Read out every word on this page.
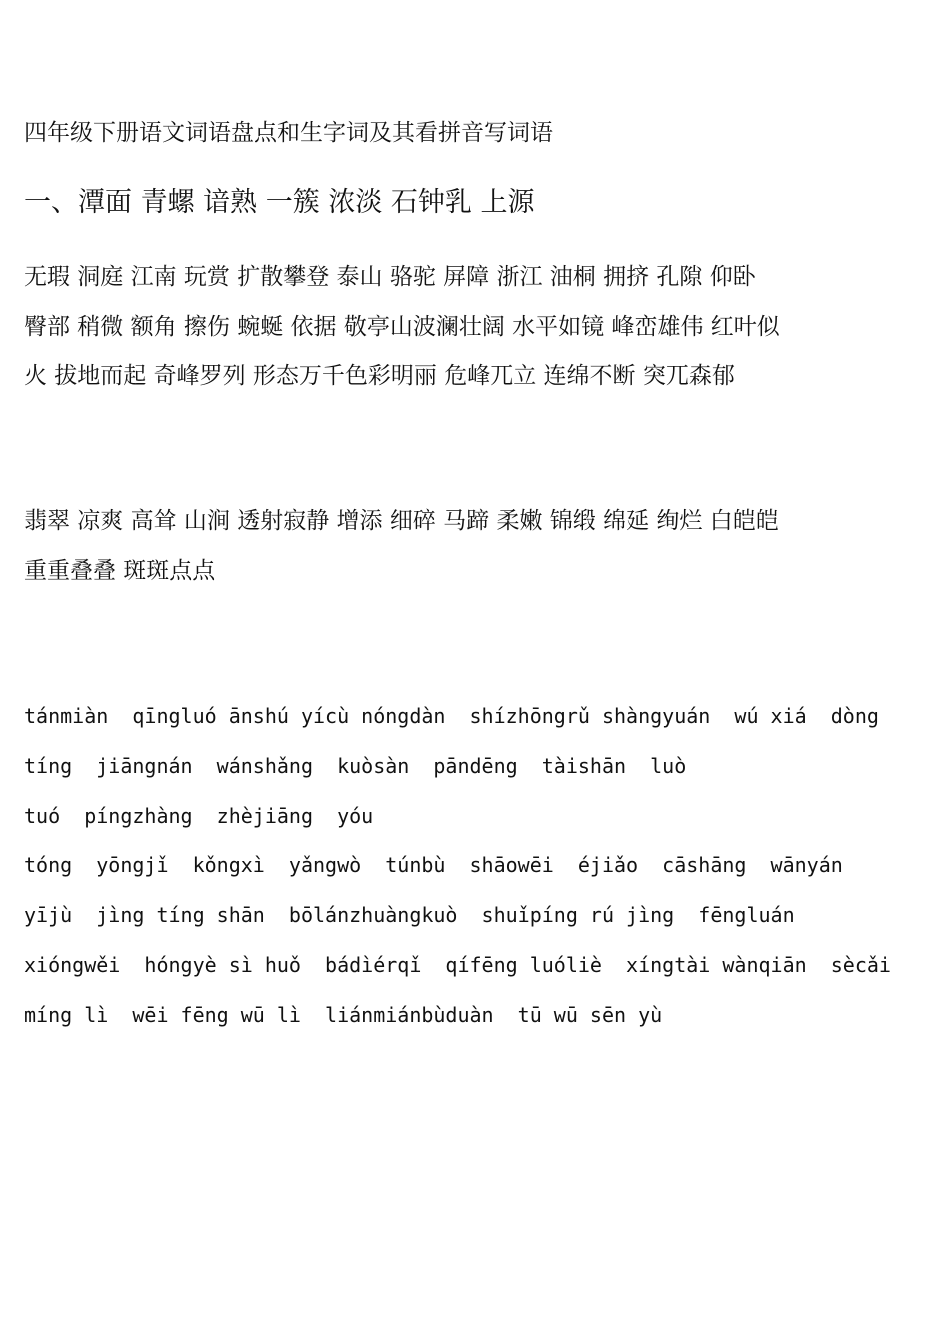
四年级下册语文词语盘点和生字词及其看拼音写词语
一、潭面 青螺 谙熟 一簇 浓淡 石钟乳 上源
无瑕 洞庭 江南 玩赏 扩散攀登 泰山 骆驼 屏障 浙江 油桐 拥挤 孔隙 仰卧
臀部 稍微 额角 擦伤 蜿蜒 依据 敬亭山波澜壮阔 水平如镜 峰峦雄伟 红叶似
火 拔地而起 奇峰罗列 形态万千色彩明丽 危峰兀立 连绵不断 突兀森郁
翡翠 凉爽 高耸 山涧 透射寂静 增添 细碎 马蹄 柔嫩 锦缎 绵延 绚烂 白皑皑
重重叠叠 斑斑点点
tánmiàn  qīngluó ānshú yícù nóngdàn  shízhōngrǔ shàngyuán  wú xiá  dòng
tíng  jiāngnán  wánshǎng  kuòsàn  pāndēng  tàishān  luò
tuó  píngzhàng  zhèjiāng  yóu
tóng  yōngjǐ  kǒngxì  yǎngwò  túnbù  shāowēi  éjiǎo  cāshāng  wānyán
yījù  jìng tíng shān  bōlánzhuàngkuò  shuǐpíng rú jìng  fēngluán
xióngwěi  hóngyè sì huǒ  bádìérqǐ  qífēng luóliè  xíngtài wànqiān  sècǎi
míng lì  wēi fēng wū lì  liánmiánbùduàn  tū wū sēn yù
